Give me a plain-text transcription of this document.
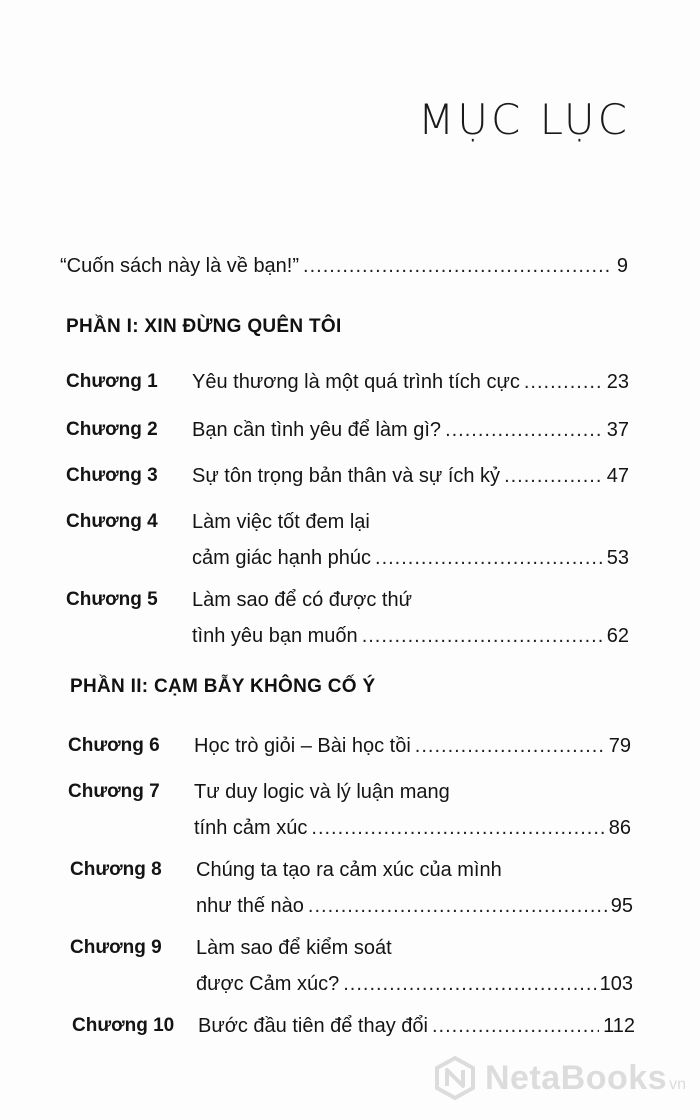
MỤC LỤC
“Cuốn sách này là về bạn!” .....	9
PHẦN I: XIN ĐỪNG QUÊN TÔI
Chương 1	Yêu thương là một quá trình tích cực .....	23
Chương 2	Bạn cần tình yêu để làm gì? .....	37
Chương 3	Sự tôn trọng bản thân và sự ích kỷ .....	47
Chương 4	Làm việc tốt đem lại
cảm giác hạnh phúc .....	53
Chương 5	Làm sao để có được thứ
tình yêu bạn muốn .....	62
PHẦN II: CẠM BẪY KHÔNG CỐ Ý
Chương 6	Học trò giỏi – Bài học tồi .....	79
Chương 7	Tư duy logic và lý luận mang
tính cảm xúc .....	86
Chương 8	Chúng ta tạo ra cảm xúc của mình
như thế nào .....	95
Chương 9	Làm sao để kiểm soát
được Cảm xúc? .....	103
Chương 10	Bước đầu tiên để thay đổi .....	112
NetaBooks vn
